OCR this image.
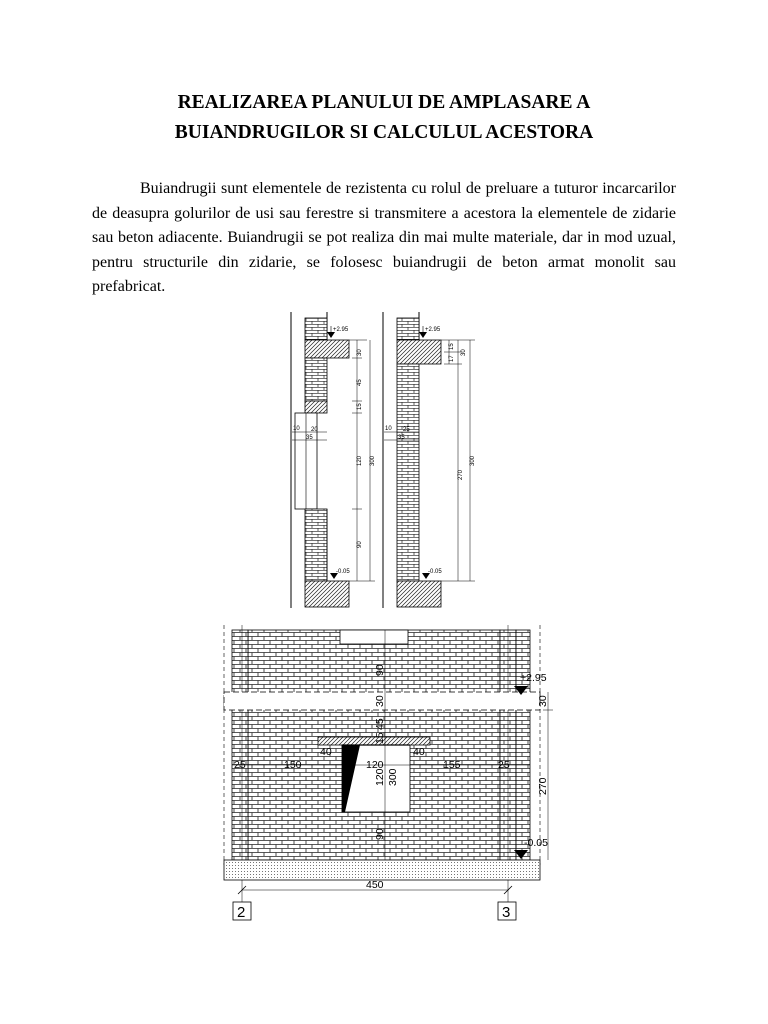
REALIZAREA PLANULUI DE AMPLASARE A
BUIANDRUGILOR SI CALCULUL ACESTORA

Buiandrugii sunt elementele de rezistenta cu rolul de preluare a tuturor incarcarilor de deasupra golurilor de usi sau ferestre si transmitere a acestora la elementele de zidarie sau beton adiacente. Buiandrugii se pot realiza din mai multe materiale, dar in mod uzual, pentru structurile din zidarie, se folosesc buiandrugii de beton armat monolit sau prefabricat.

+2.95
-0.05
30
45
15
120
90
300
10 20
35
+2.95
-0.05
15
17
30
270
300
10 25
35
+2.95
-0.05
90
30
45
15
120 300
90
25	150
40	40
120	155	25
30
270
450
2	3
